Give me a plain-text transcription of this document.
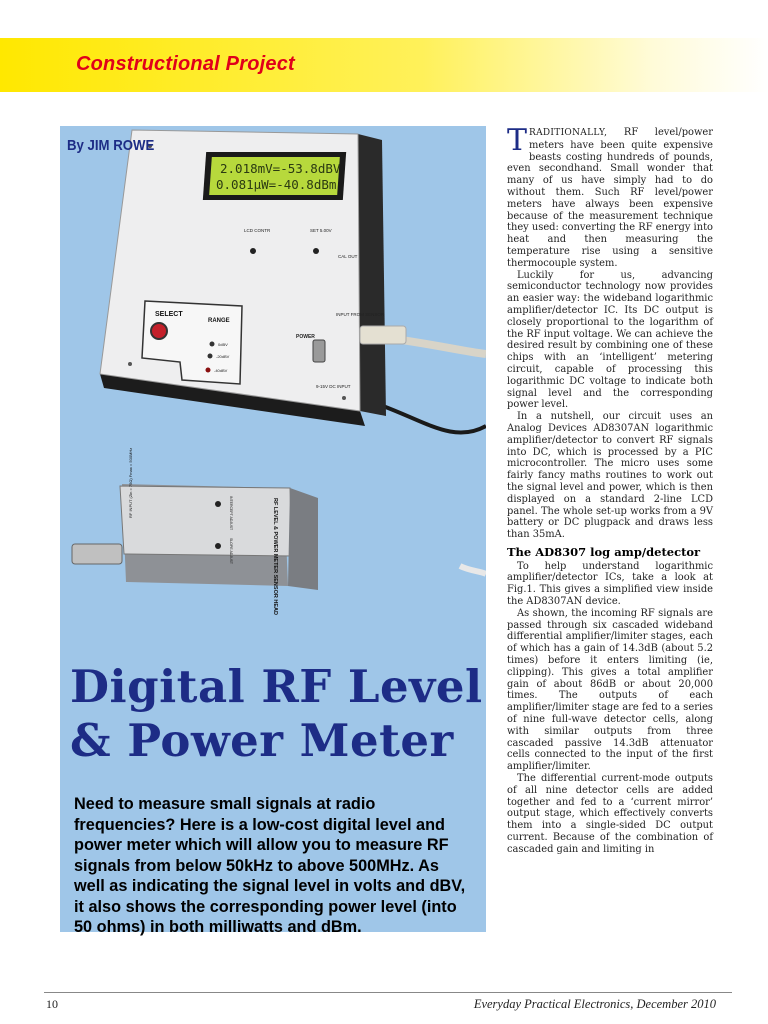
Constructional Project
2.018mV=-53.8dBV
0.081µW=-40.8dBm
LCD CONTR	SET 5.00V
CAL OUT
INPUT FROM SENSOR
SELECT
RANGE
0dBV
-20dBV
-40dBV
POWER
9-15V DC INPUT
RF LEVEL & POWER METER SENSOR HEAD
RF INPUT (Zin = 75Ω) Fmax = 500MHz	INTERCEPT ADJUST
SLOPE ADJUST
By JIM ROWE
Digital RF Level
& Power Meter
Need to measure small signals at radio frequencies? Here is a low-cost digital level and power meter which will allow you to measure RF signals from below 50kHz to above 500MHz. As well as indicating the signal level in volts and dBV, it also shows the corresponding power level (into 50 ohms) in both milliwatts and dBm.

TRADITIONALLY, RF level/power meters have been quite expensive beasts costing hundreds of pounds, even secondhand. Small wonder that many of us have simply had to do without them. Such RF level/power meters have always been expensive because of the measurement technique they used: converting the RF energy into heat and then measuring the temperature rise using a sensitive thermocouple system.

Luckily for us, advancing semiconductor technology now provides an easier way: the wideband logarithmic amplifier/detector IC. Its DC output is closely proportional to the logarithm of the RF input voltage. We can achieve the desired result by combining one of these chips with an ‘intelligent’ metering circuit, capable of processing this logarithmic DC voltage to indicate both signal level and the corresponding power level.

In a nutshell, our circuit uses an Analog Devices AD8307AN logarithmic amplifier/detector to convert RF signals into DC, which is processed by a PIC microcontroller. The micro uses some fairly fancy maths routines to work out the signal level and power, which is then displayed on a standard 2-line LCD panel. The whole set-up works from a 9V battery or DC plugpack and draws less than 35mA.

The AD8307 log amp/detector

To help understand logarithmic amplifier/detector ICs, take a look at Fig.1. This gives a simplified view inside the AD8307AN device.

As shown, the incoming RF signals are passed through six cascaded wideband differential amplifier/limiter stages, each of which has a gain of 14.3dB (about 5.2 times) before it enters limiting (ie, clipping). This gives a total amplifier gain of about 86dB or about 20,000 times. The outputs of each amplifier/limiter stage are fed to a series of nine full-wave detector cells, along with similar outputs from three cascaded passive 14.3dB attenuator cells connected to the input of the first amplifier/limiter.

The differential current-mode outputs of all nine detector cells are added together and fed to a ‘current mirror’ output stage, which effectively converts them into a single-sided DC output current. Because of the combination of cascaded gain and limiting in

10	Everyday Practical Electronics, December 2010
